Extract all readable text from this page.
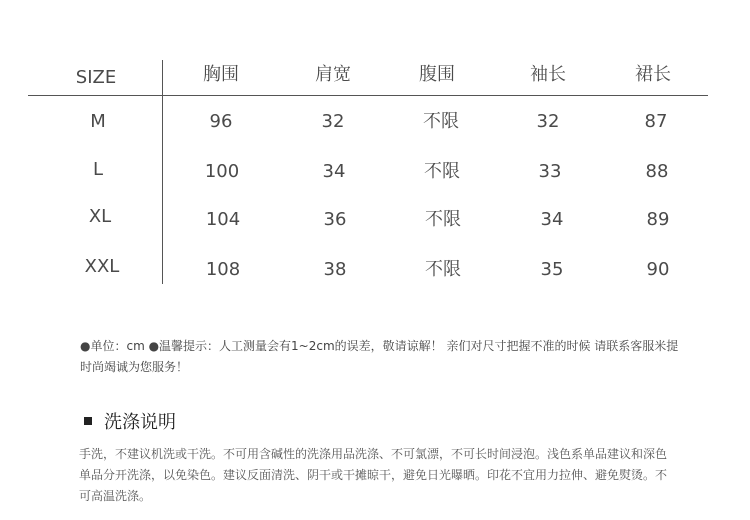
SIZE	胸围	肩宽	腹围	袖长	裙长
M	96	32	不限	32	87
L	100	34	不限	33	88
XL	104	36	不限	34	89
XXL	108	38	不限	35	90
●单位：cm ●温馨提示：人工测量会有1~2cm的误差，敬请谅解！ 亲们对尺寸把握不准的时候 请联系客服米提时尚竭诚为您服务！
洗涤说明
手洗，不建议机洗或干洗。不可用含碱性的洗涤用品洗涤、不可氯漂，不可长时间浸泡。浅色系单品建议和深色单品分开洗涤，以免染色。建议反面清洗、阴干或干摊晾干，避免日光曝晒。印花不宜用力拉伸、避免熨烫。不可高温洗涤。
